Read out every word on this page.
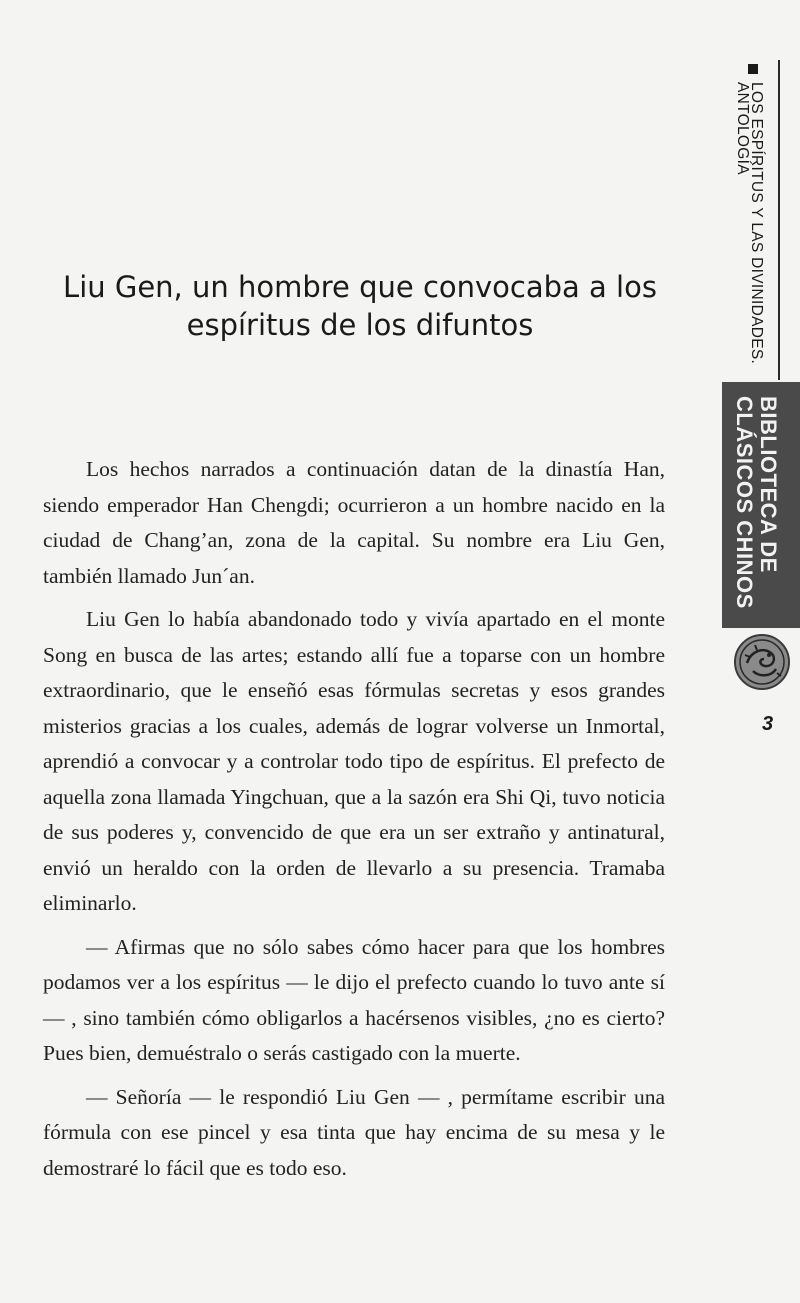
Liu Gen, un hombre que convocaba a los
espíritus de los difuntos

Los hechos narrados a continuación datan de la dinastía Han, siendo emperador Han Chengdi; ocurrieron a un hombre nacido en la ciudad de Chang’an, zona de la capital. Su nombre era Liu Gen, también llamado Jun´an.

Liu Gen lo había abandonado todo y vivía apartado en el monte Song en busca de las artes; estando allí fue a toparse con un hombre extraordinario, que le enseñó esas fórmulas secretas y esos grandes misterios gracias a los cuales, además de lograr volverse un Inmortal, aprendió a convocar y a controlar todo tipo de espíritus. El prefecto de aquella zona llamada Yingchuan, que a la sazón era Shi Qi, tuvo noticia de sus poderes y, convencido de que era un ser extraño y antinatural, envió un heraldo con la orden de llevarlo a su presencia. Tramaba eliminarlo.

— Afirmas que no sólo sabes cómo hacer para que los hombres podamos ver a los espíritus — le dijo el prefecto cuando lo tuvo ante sí — , sino también cómo obligarlos a hacérsenos visibles, ¿no es cierto? Pues bien, demuéstralo o serás castigado con la muerte.

— Señoría — le respondió Liu Gen — , permítame escribir una fórmula con ese pincel y esa tinta que hay encima de su mesa y le demostraré lo fácil que es todo eso.

LOS ESPÍRITUS Y LAS DIVINIDADES.
ANTOLOGÍA
BIBLIOTECA DE
CLÁSICOS CHINOS
3
